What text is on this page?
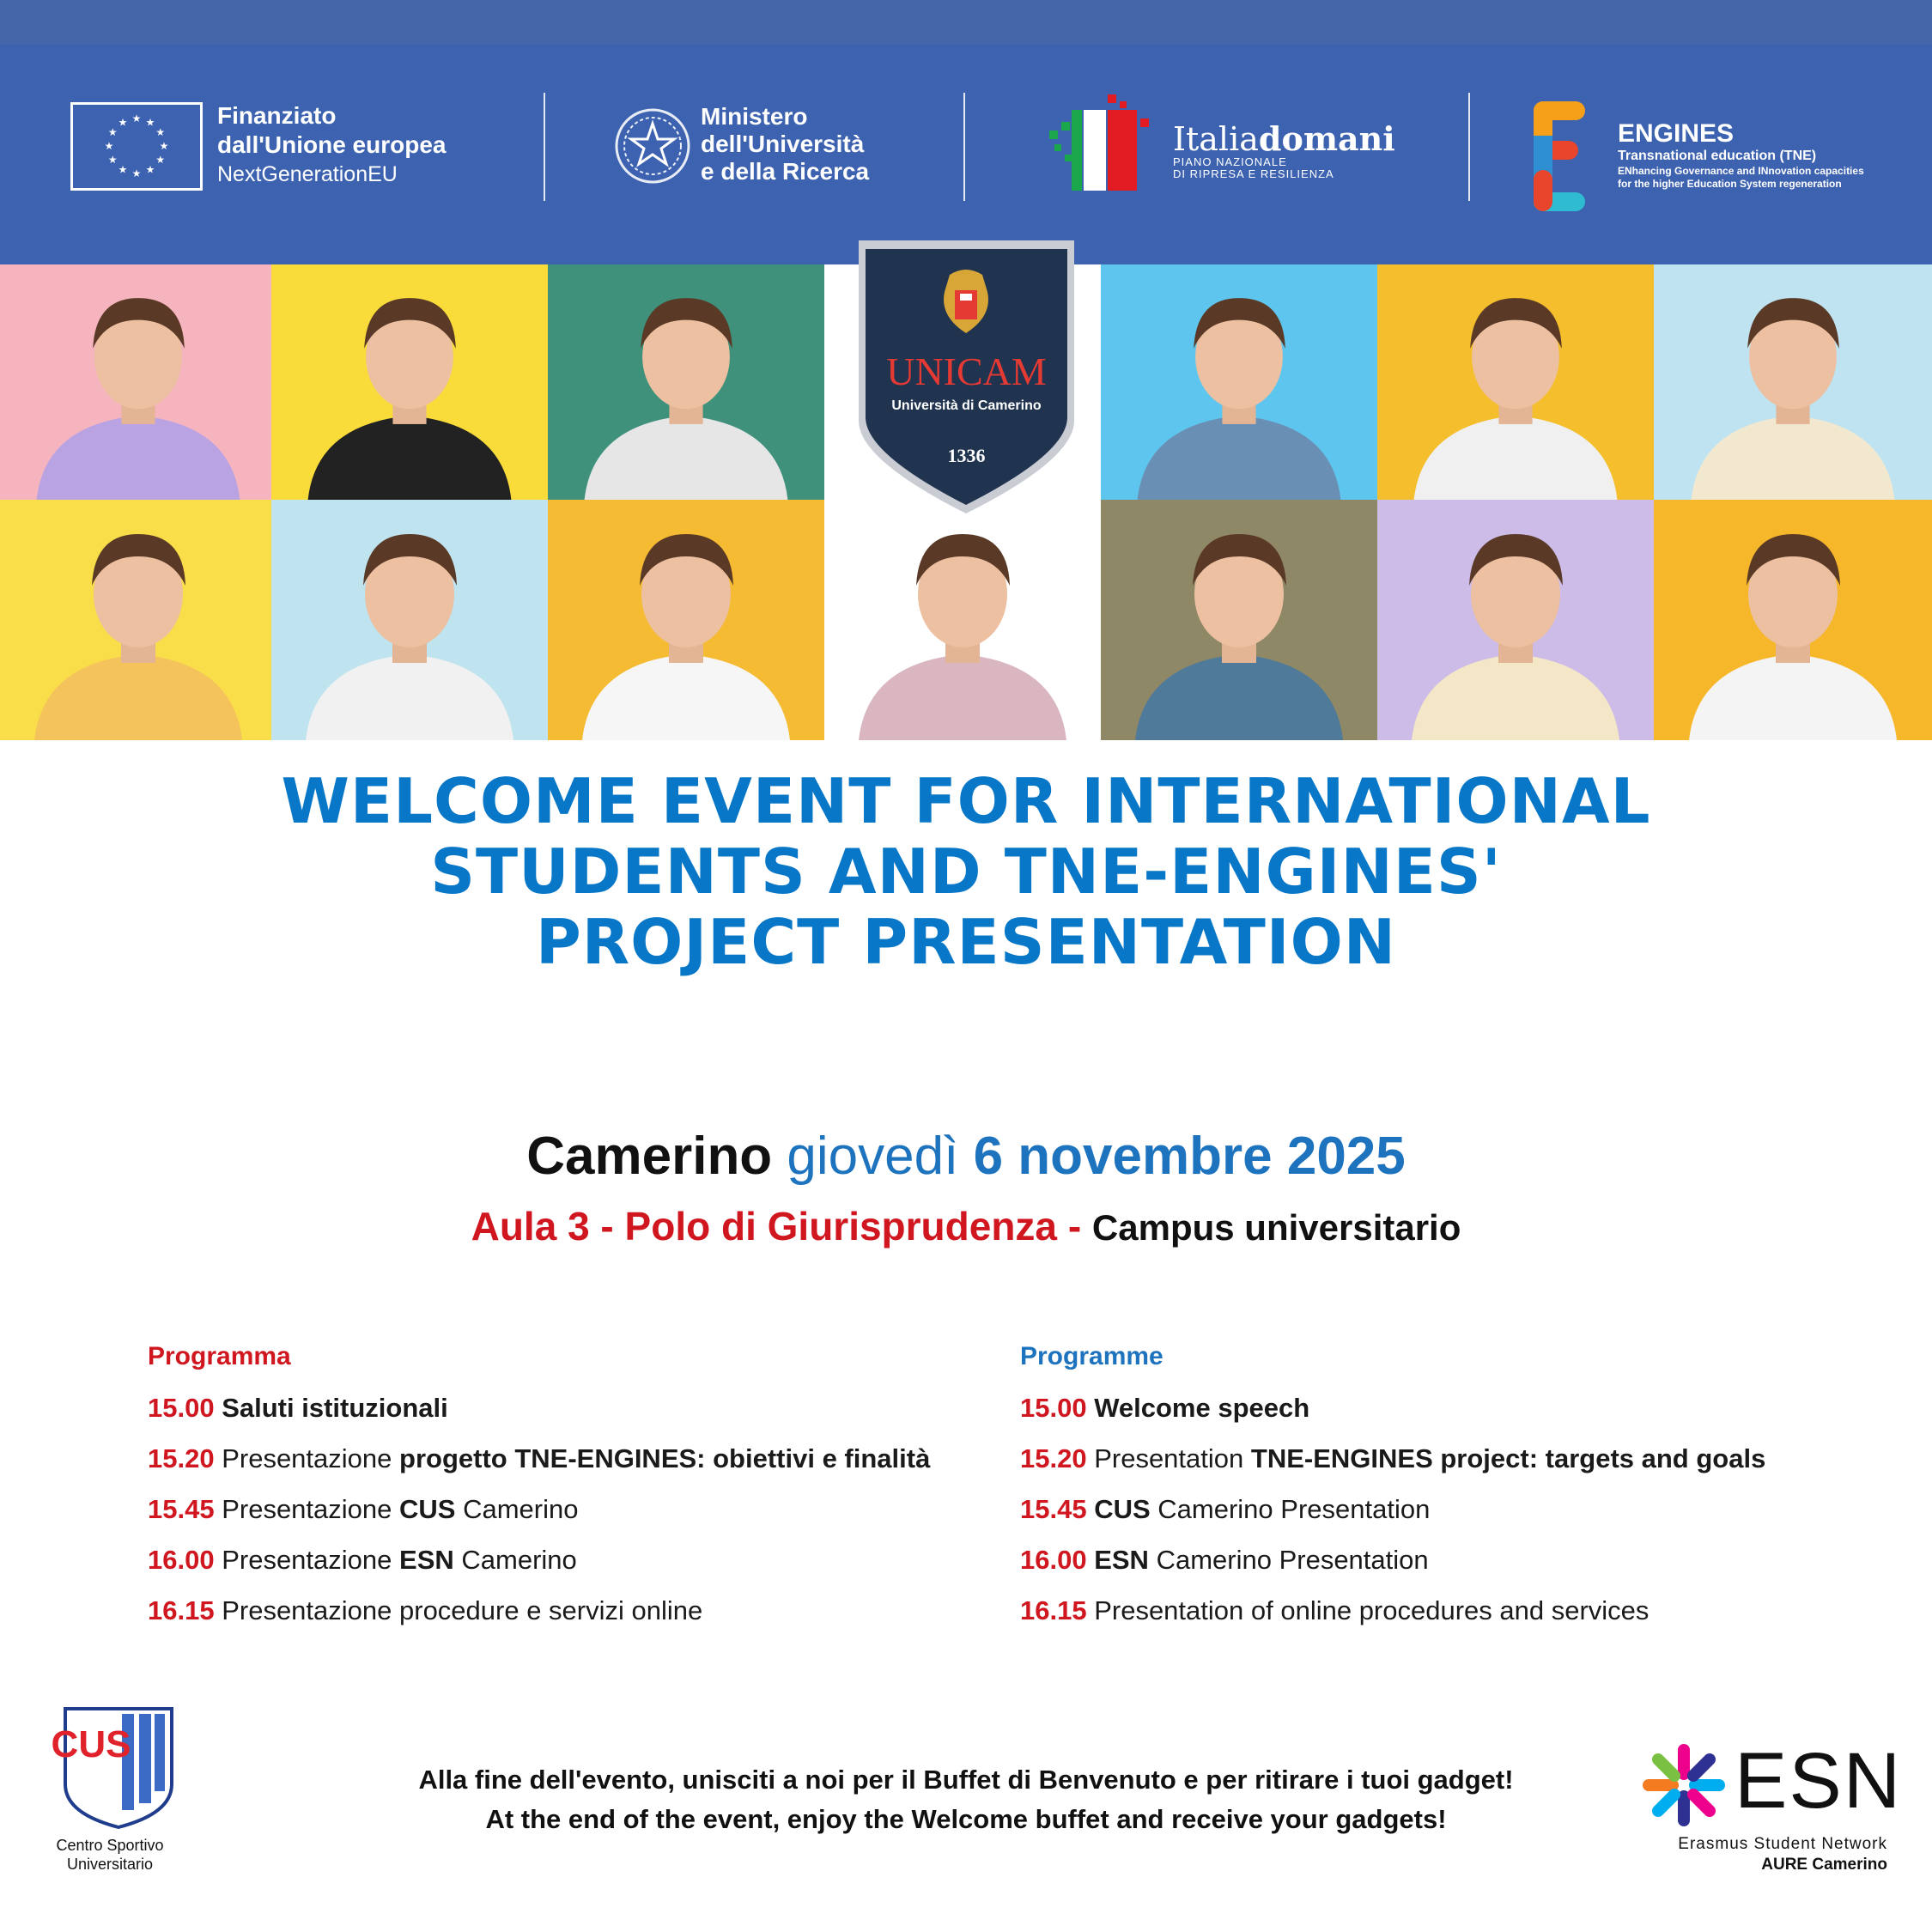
★
★
★
★
★
★
★
★
★ ★ ★
★
Finanziato
dall'Unione europea
NextGenerationEU
Ministero
dell'Università
e della Ricerca
Italiadomani
PIANO NAZIONALE
DI RIPRESA E RESILIENZA
ENGINES
Transnational education (TNE)
ENhancing Governance and INnovation capacities
for the higher Education System regeneration
UNICAM
Università di Camerino
1336
WELCOME EVENT FOR INTERNATIONAL
STUDENTS AND TNE-ENGINES'
PROJECT PRESENTATION
Camerino giovedì 6 novembre 2025
Aula 3 - Polo di Giurisprudenza - Campus universitario
Programma
15.00 Saluti istituzionali
15.20 Presentazione progetto TNE-ENGINES: obiettivi e finalità
15.45 Presentazione CUS Camerino
16.00 Presentazione ESN Camerino
16.15 Presentazione procedure e servizi online
Programme
15.00 Welcome speech
15.20 Presentation TNE-ENGINES project: targets and goals
15.45 CUS Camerino Presentation
16.00 ESN Camerino Presentation
16.15 Presentation of online procedures and services
CUS
Centro Sportivo
Universitario
Alla fine dell'evento, unisciti a noi per il Buffet di Benvenuto e per ritirare i tuoi gadget!
At the end of the event, enjoy the Welcome buffet and receive your gadgets!	ESN
Erasmus Student Network
AURE Camerino
